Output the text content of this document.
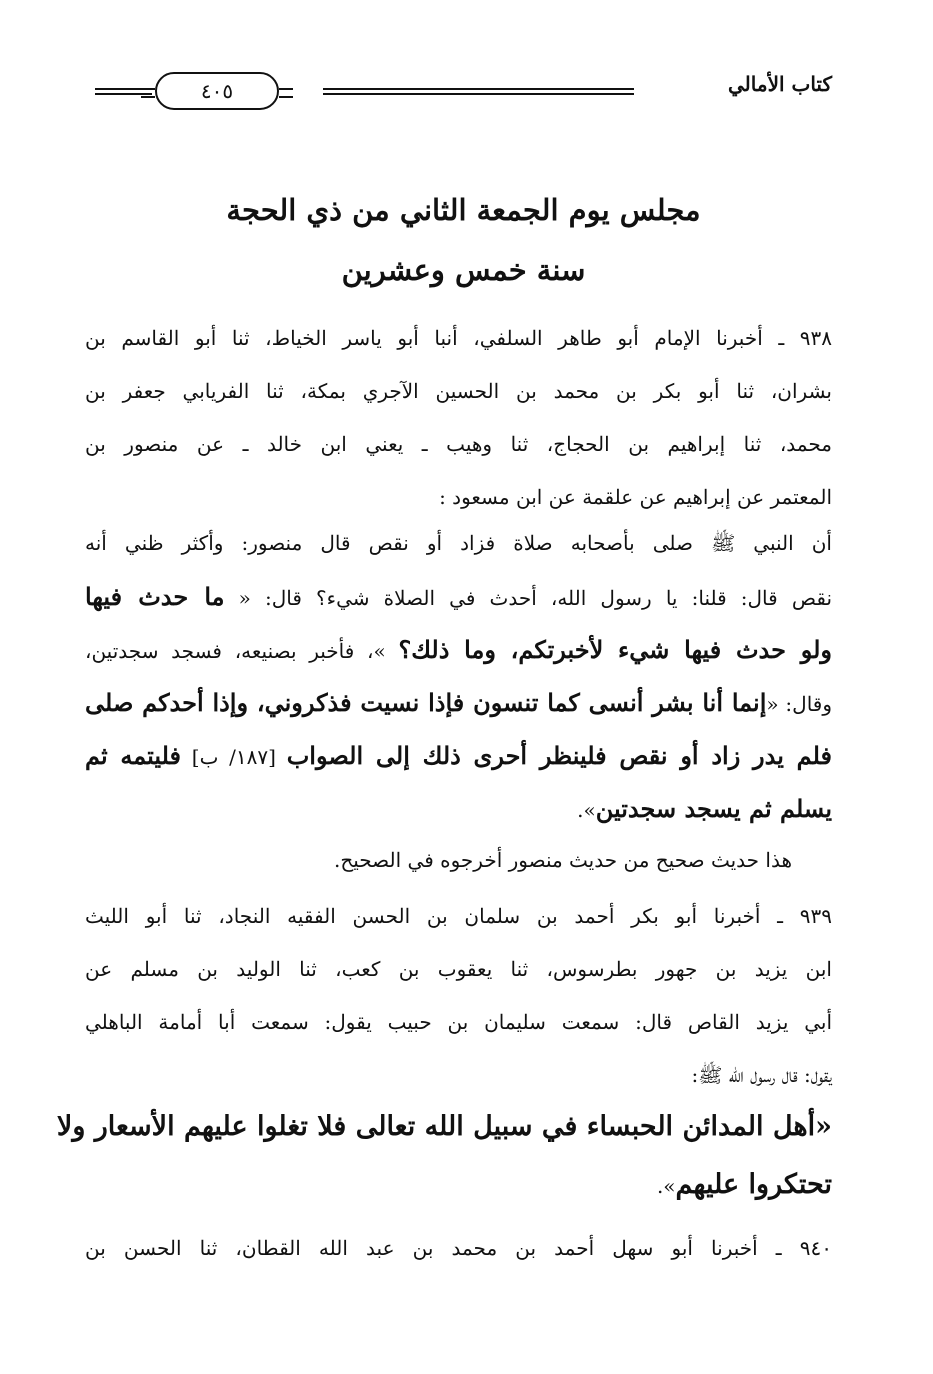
كتاب الأمالي
٤٠٥
مجلس يوم الجمعة الثاني من ذي الحجة
سنة خمس وعشرين
٩٣٨ ـ أخبرنا الإمام أبو طاهر السلفي، أنبا أبو ياسر الخياط، ثنا أبو القاسم بن
بشران، ثنا أبو بكر بن محمد بن الحسين الآجري بمكة، ثنا الفريابي جعفر بن
محمد، ثنا إبراهيم بن الحجاج، ثنا وهيب ـ يعني ابن خالد ـ عن منصور بن
المعتمر عن إبراهيم عن علقمة عن ابن مسعود :
أن النبي ﷺ صلى بأصحابه صلاة فزاد أو نقص قال منصور: وأكثر ظني أنه
نقص قال: قلنا: يا رسول الله، أحدث في الصلاة شيء؟ قال: « ما حدث فيها
ولو حدث فيها شيء لأخبرتكم، وما ذلك؟ »، فأخبر بصنيعه، فسجد سجدتين،
وقال: «إنما أنا بشر أنسى كما تنسون فإذا نسيت فذكروني، وإذا أحدكم صلى
فلم يدر زاد أو نقص فلينظر أحرى ذلك إلى الصواب [١٨٧/ ب] فليتمه ثم
يسلم ثم يسجد سجدتين».
هذا حديث صحيح من حديث منصور أخرجوه في الصحيح.
٩٣٩ ـ أخبرنا أبو بكر أحمد بن سلمان بن الحسن الفقيه النجاد، ثنا أبو الليث
ابن يزيد بن جهور بطرسوس، ثنا يعقوب بن كعب، ثنا الوليد بن مسلم عن
أبي يزيد القاص قال: سمعت سليمان بن حبيب يقول: سمعت أبا أمامة الباهلي
يقول: قال رسول الله ﷺ:
«أهل المدائن الحبساء في سبيل الله تعالى فلا تغلوا عليهم الأسعار ولا
تحتكروا عليهم».
٩٤٠ ـ أخبرنا أبو سهل أحمد بن محمد بن عبد الله القطان، ثنا الحسن بن
